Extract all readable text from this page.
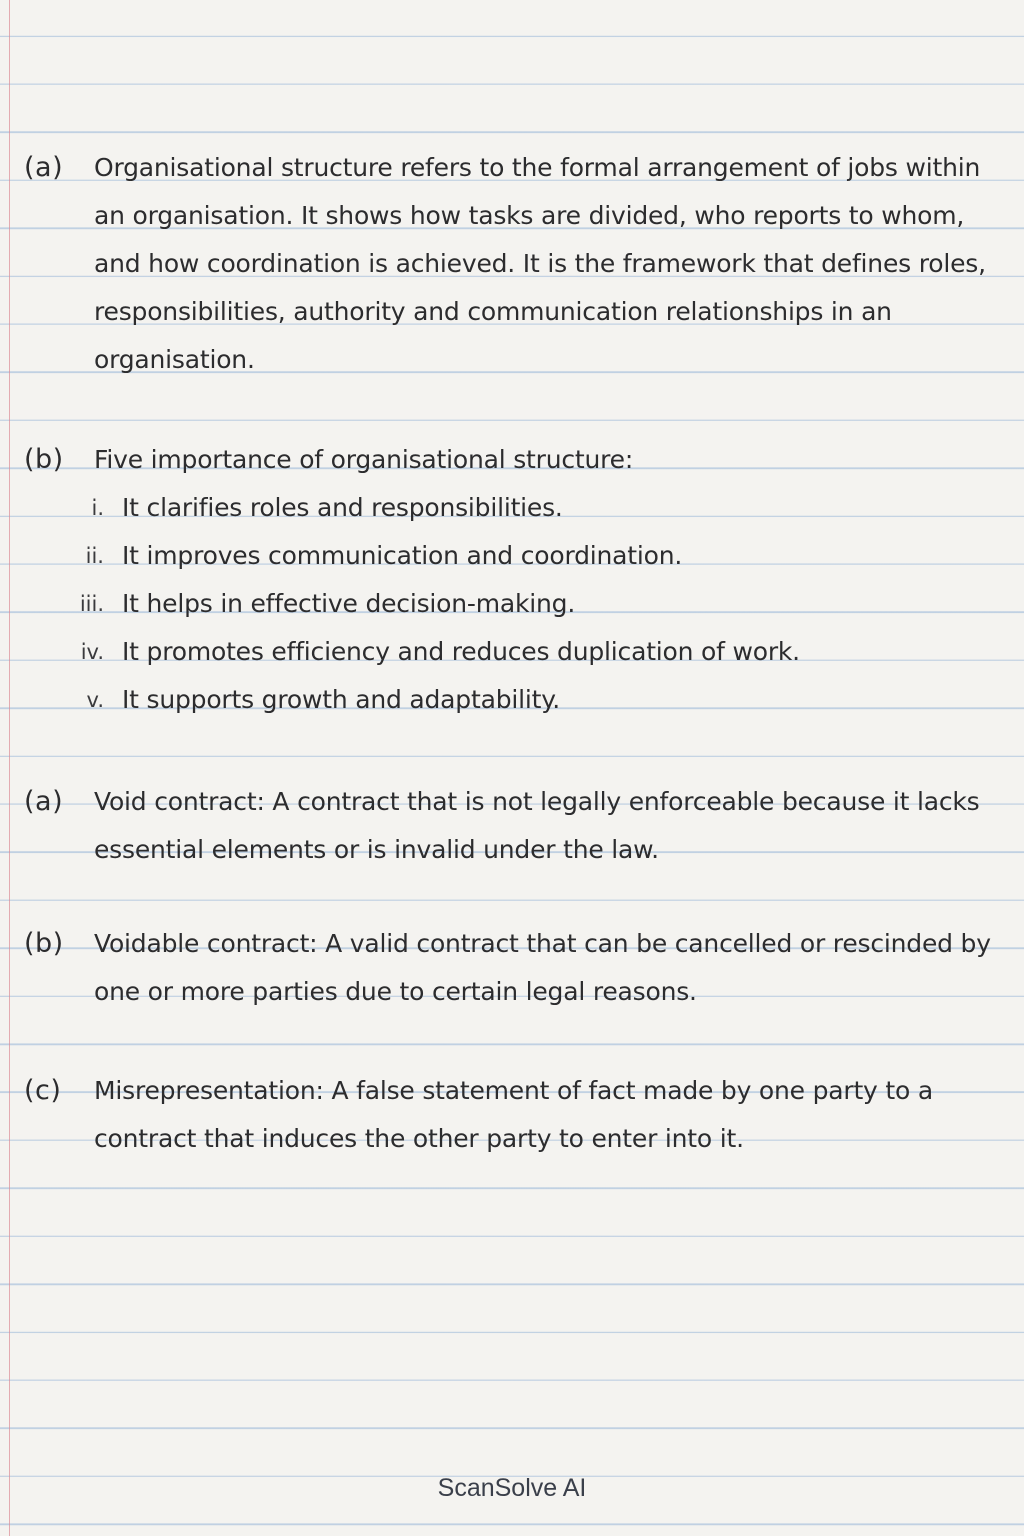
(a) Organisational structure refers to the formal arrangement of jobs within an organisation. It shows how tasks are divided, who reports to whom, and how coordination is achieved. It is the framework that defines roles, responsibilities, authority and communication relationships in an organisation.
(b) Five importance of organisational structure:
i. It clarifies roles and responsibilities.
ii. It improves communication and coordination.
iii. It helps in effective decision-making.
iv. It promotes efficiency and reduces duplication of work.
v. It supports growth and adaptability.
(a) Void contract: A contract that is not legally enforceable because it lacks essential elements or is invalid under the law.
(b) Voidable contract: A valid contract that can be cancelled or rescinded by one or more parties due to certain legal reasons.
(c) Misrepresentation: A false statement of fact made by one party to a contract that induces the other party to enter into it.
ScanSolve AI
